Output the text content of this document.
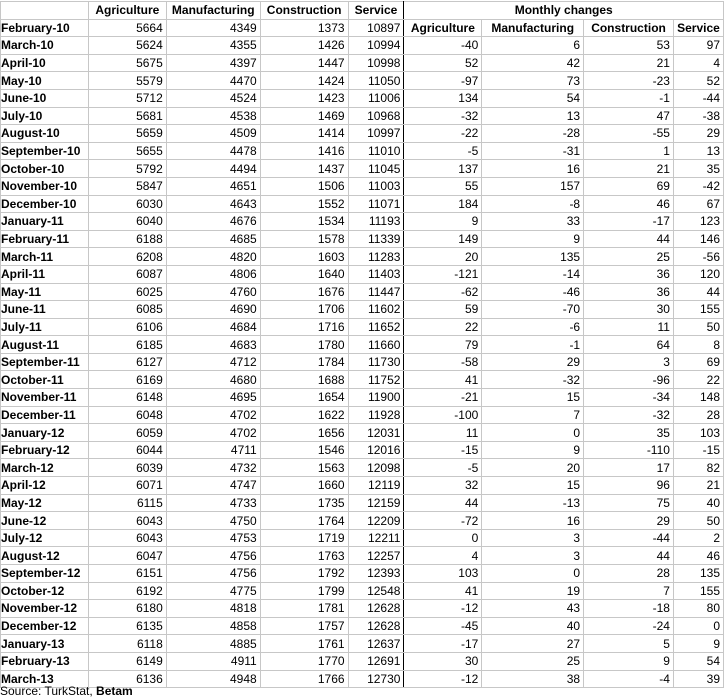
	Agriculture	Manufacturing	Construction	Service	Monthly changes			
February-10	5664	4349	1373	10897	Agriculture	Manufacturing	Construction	Service
March-10	5624	4355	1426	10994	-40	6	53	97
April-10	5675	4397	1447	10998	52	42	21	4
May-10	5579	4470	1424	11050	-97	73	-23	52
June-10	5712	4524	1423	11006	134	54	-1	-44
July-10	5681	4538	1469	10968	-32	13	47	-38
August-10	5659	4509	1414	10997	-22	-28	-55	29
September-10	5655	4478	1416	11010	-5	-31	1	13
October-10	5792	4494	1437	11045	137	16	21	35
November-10	5847	4651	1506	11003	55	157	69	-42
December-10	6030	4643	1552	11071	184	-8	46	67
January-11	6040	4676	1534	11193	9	33	-17	123
February-11	6188	4685	1578	11339	149	9	44	146
March-11	6208	4820	1603	11283	20	135	25	-56
April-11	6087	4806	1640	11403	-121	-14	36	120
May-11	6025	4760	1676	11447	-62	-46	36	44
June-11	6085	4690	1706	11602	59	-70	30	155
July-11	6106	4684	1716	11652	22	-6	11	50
August-11	6185	4683	1780	11660	79	-1	64	8
September-11	6127	4712	1784	11730	-58	29	3	69
October-11	6169	4680	1688	11752	41	-32	-96	22
November-11	6148	4695	1654	11900	-21	15	-34	148
December-11	6048	4702	1622	11928	-100	7	-32	28
January-12	6059	4702	1656	12031	11	0	35	103
February-12	6044	4711	1546	12016	-15	9	-110	-15
March-12	6039	4732	1563	12098	-5	20	17	82
April-12	6071	4747	1660	12119	32	15	96	21
May-12	6115	4733	1735	12159	44	-13	75	40
June-12	6043	4750	1764	12209	-72	16	29	50
July-12	6043	4753	1719	12211	0	3	-44	2
August-12	6047	4756	1763	12257	4	3	44	46
September-12	6151	4756	1792	12393	103	0	28	135
October-12	6192	4775	1799	12548	41	19	7	155
November-12	6180	4818	1781	12628	-12	43	-18	80
December-12	6135	4858	1757	12628	-45	40	-24	0
January-13	6118	4885	1761	12637	-17	27	5	9
February-13	6149	4911	1770	12691	30	25	9	54
March-13	6136	4948	1766	12730	-12	38	-4	39
Source: TurkStat, Betam
